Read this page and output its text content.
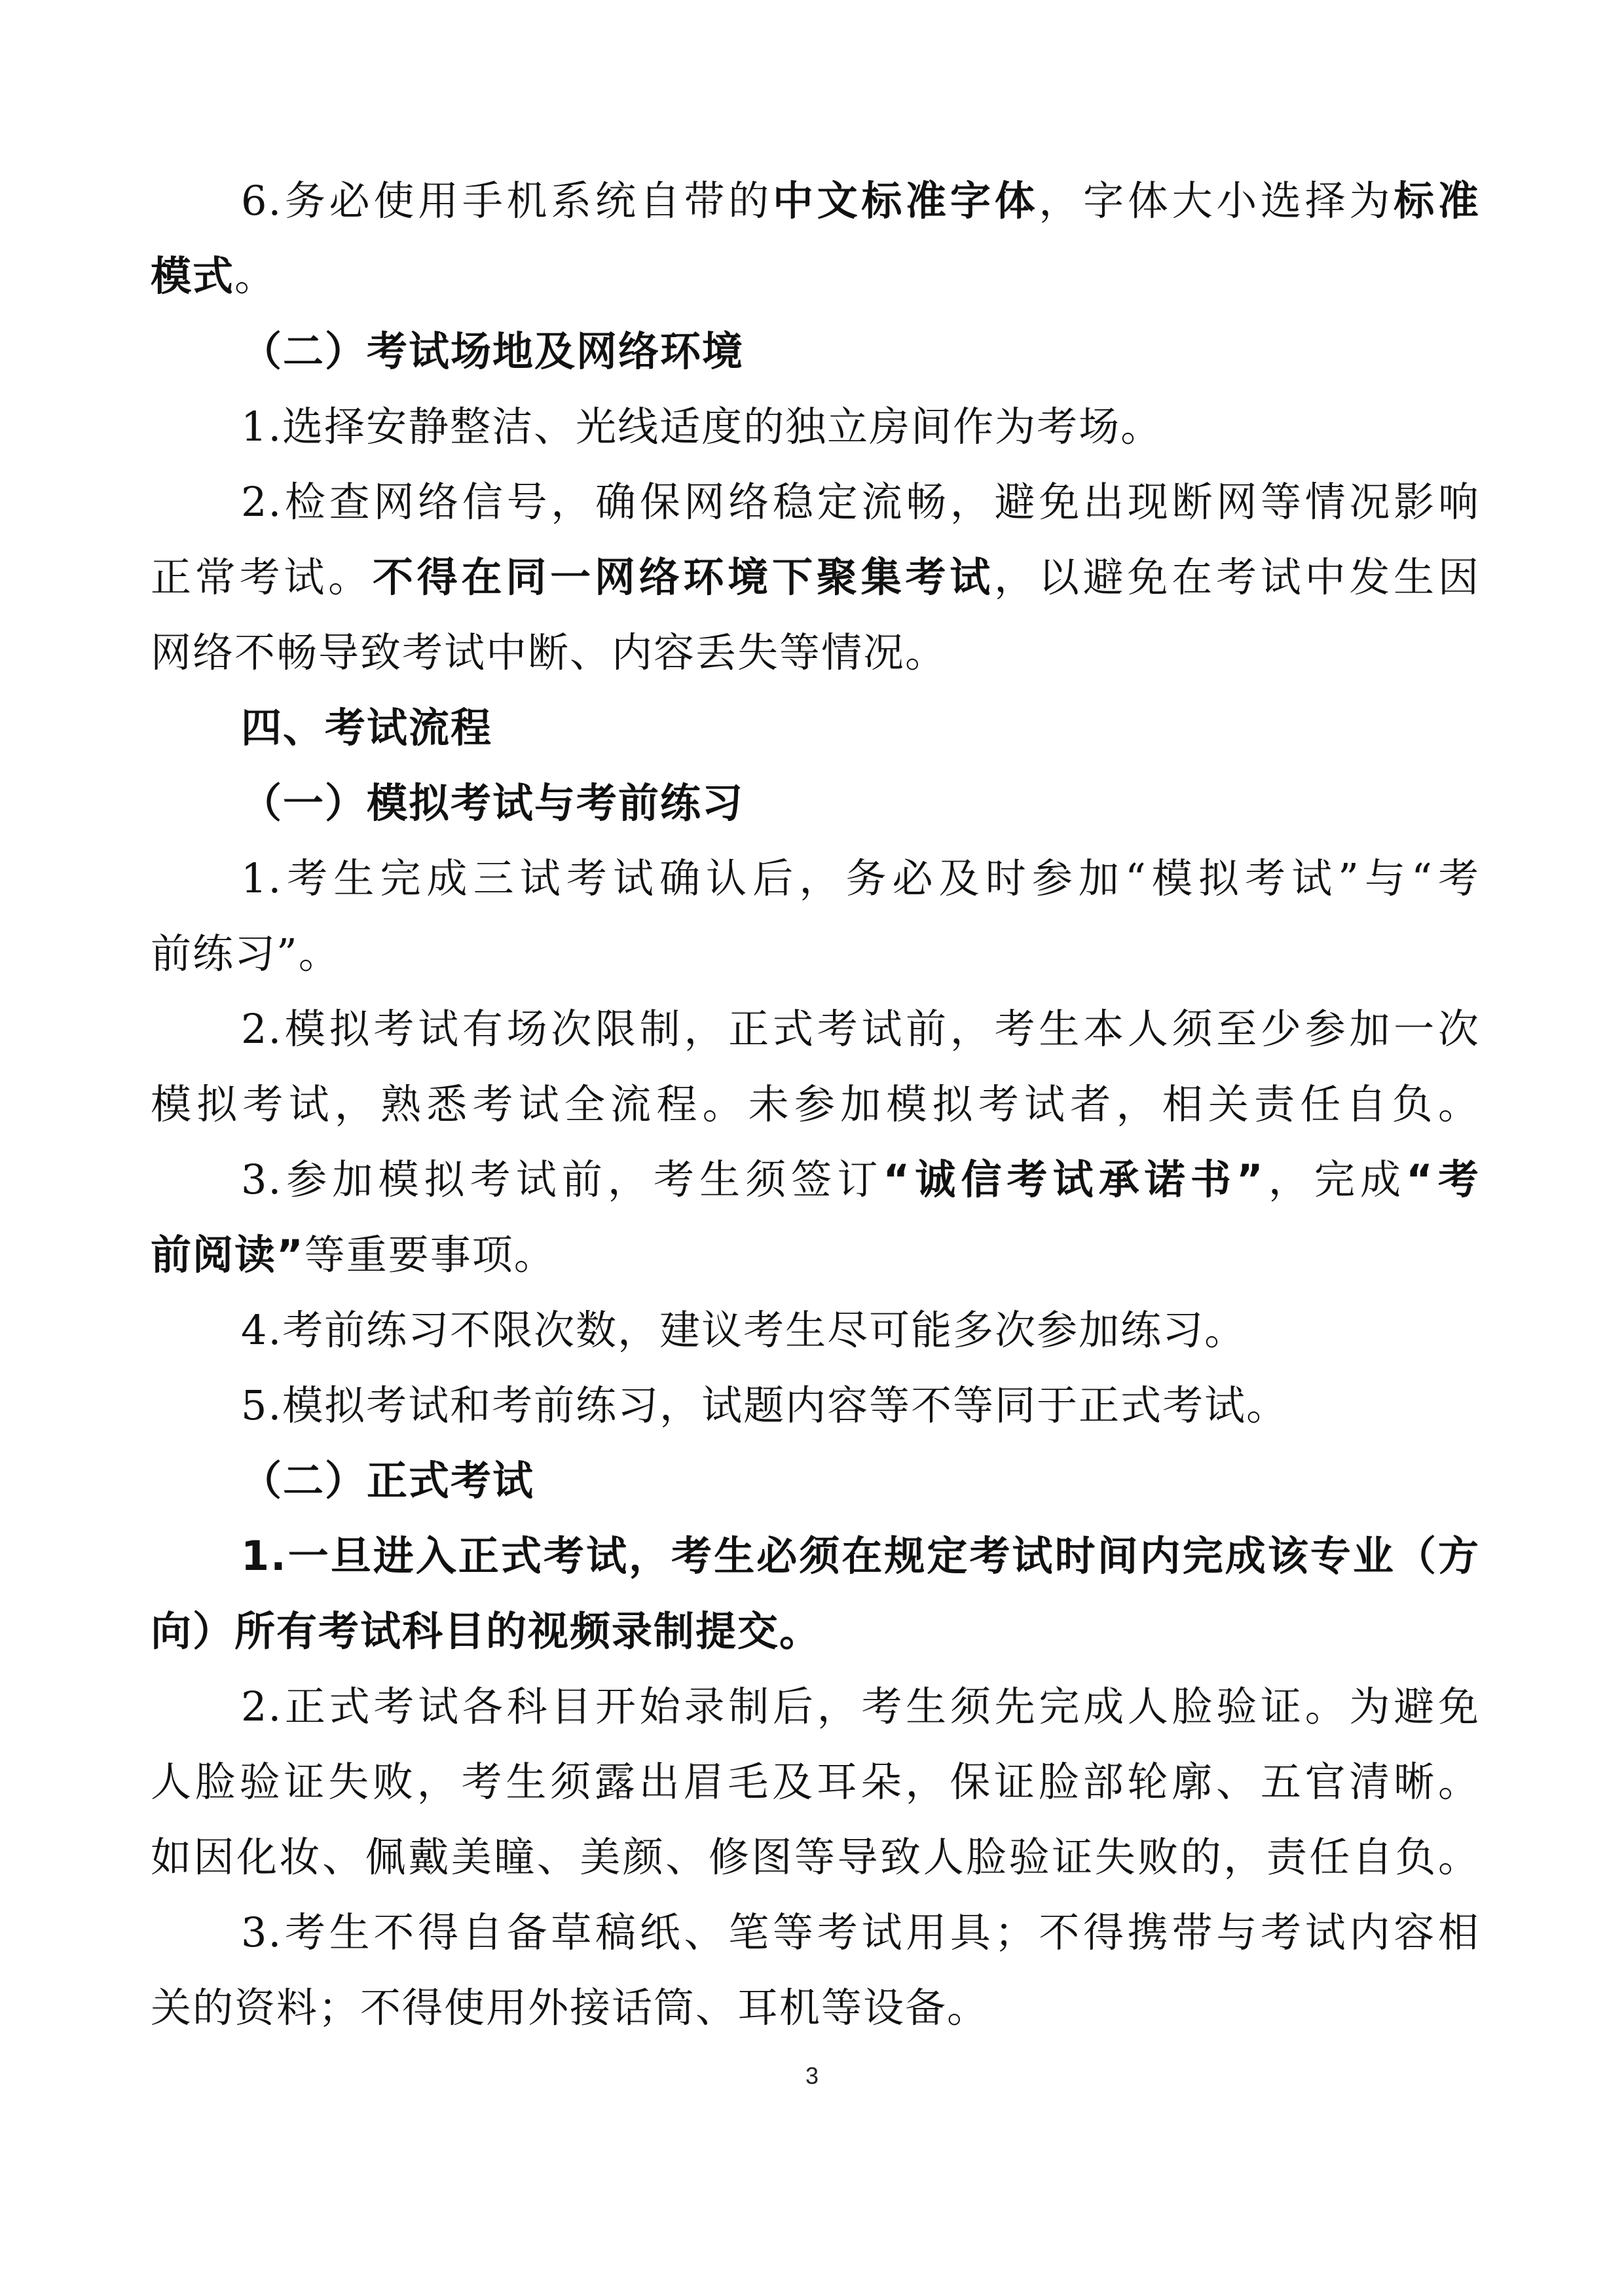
6.务必使用手机系统自带的中文标准字体，字体大小选择为标准
模式。
（二）考试场地及网络环境
1.选择安静整洁、光线适度的独立房间作为考场。
2.检查网络信号，确保网络稳定流畅，避免出现断网等情况影响
正常考试。不得在同一网络环境下聚集考试，以避免在考试中发生因
网络不畅导致考试中断、内容丢失等情况。
四、考试流程
（一）模拟考试与考前练习
1.考生完成三试考试确认后，务必及时参加“模拟考试”与“考
前练习”。
2.模拟考试有场次限制，正式考试前，考生本人须至少参加一次
模拟考试，熟悉考试全流程。未参加模拟考试者，相关责任自负。
3.参加模拟考试前，考生须签订“诚信考试承诺书”，完成“考
前阅读”等重要事项。
4.考前练习不限次数，建议考生尽可能多次参加练习。
5.模拟考试和考前练习，试题内容等不等同于正式考试。
（二）正式考试
1.一旦进入正式考试，考生必须在规定考试时间内完成该专业（方
向）所有考试科目的视频录制提交。
2.正式考试各科目开始录制后，考生须先完成人脸验证。为避免
人脸验证失败，考生须露出眉毛及耳朵，保证脸部轮廓、五官清晰。
如因化妆、佩戴美瞳、美颜、修图等导致人脸验证失败的，责任自负。
3.考生不得自备草稿纸、笔等考试用具；不得携带与考试内容相
关的资料；不得使用外接话筒、耳机等设备。
3
